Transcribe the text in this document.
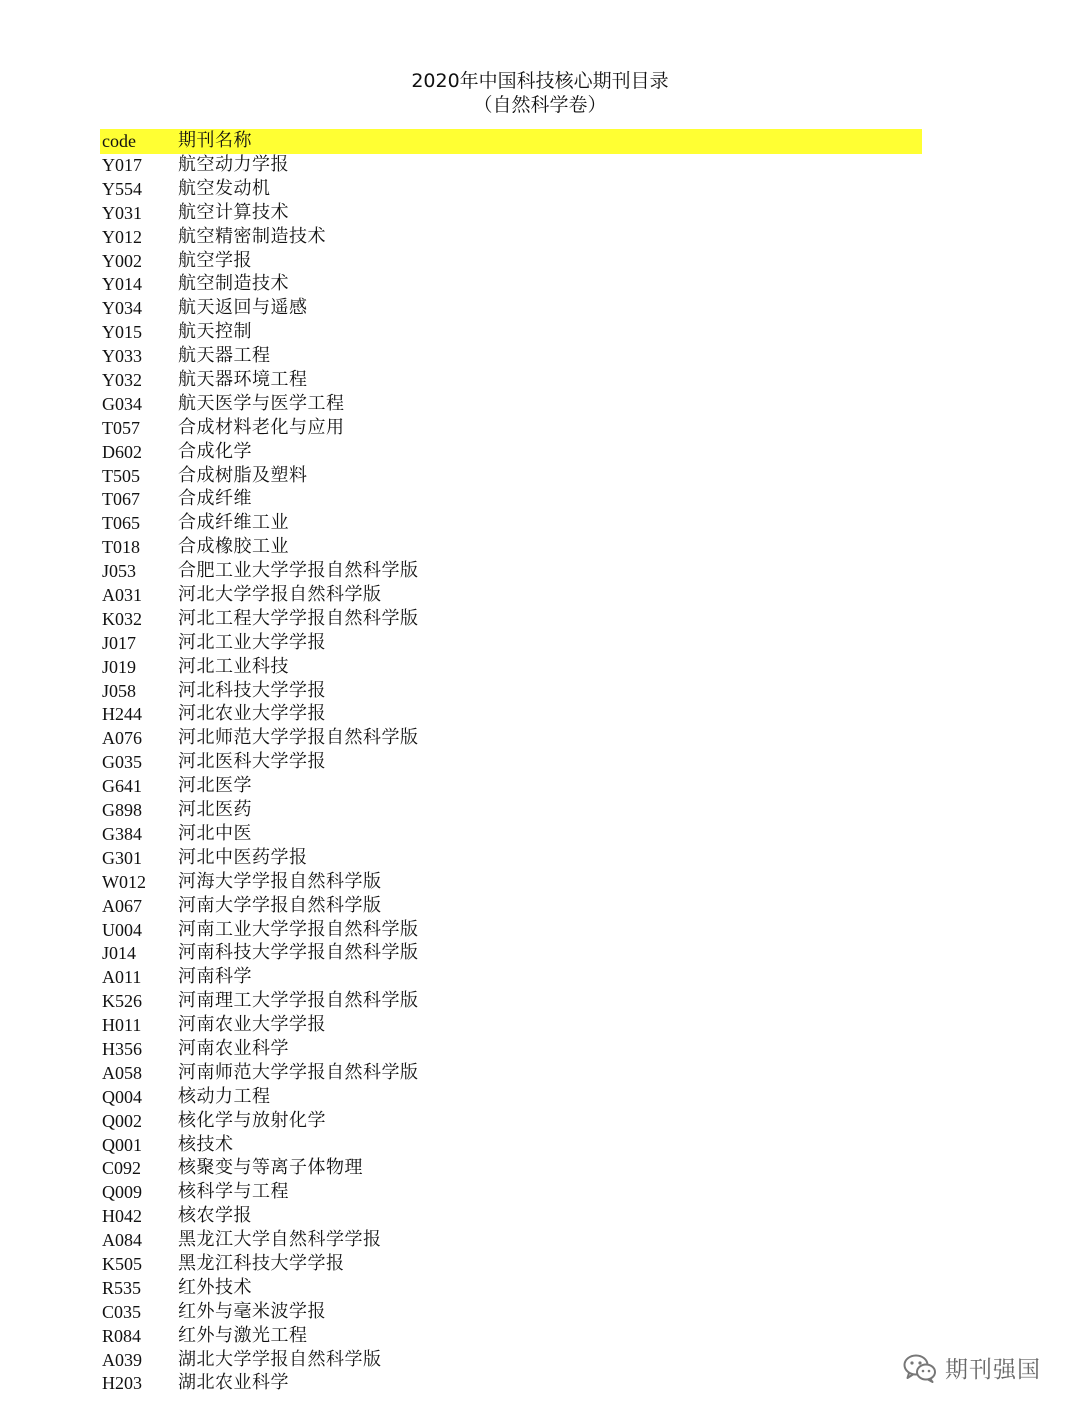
2020年中国科技核心期刊目录
（自然科学卷）
code 期刊名称
Y017 航空动力学报
Y554 航空发动机
Y031 航空计算技术
Y012 航空精密制造技术
Y002 航空学报
Y014 航空制造技术
Y034 航天返回与遥感
Y015 航天控制
Y033 航天器工程
Y032 航天器环境工程
G034 航天医学与医学工程
T057 合成材料老化与应用
D602 合成化学
T505 合成树脂及塑料
T067 合成纤维
T065 合成纤维工业
T018 合成橡胶工业
J053 合肥工业大学学报自然科学版
A031 河北大学学报自然科学版
K032 河北工程大学学报自然科学版
J017 河北工业大学学报
J019 河北工业科技
J058 河北科技大学学报
H244 河北农业大学学报
A076 河北师范大学学报自然科学版
G035 河北医科大学学报
G641 河北医学
G898 河北医药
G384 河北中医
G301 河北中医药学报
W012 河海大学学报自然科学版
A067 河南大学学报自然科学版
U004 河南工业大学学报自然科学版
J014 河南科技大学学报自然科学版
A011 河南科学
K526 河南理工大学学报自然科学版
H011 河南农业大学学报
H356 河南农业科学
A058 河南师范大学学报自然科学版
Q004 核动力工程
Q002 核化学与放射化学
Q001 核技术
C092 核聚变与等离子体物理
Q009 核科学与工程
H042 核农学报
A084 黑龙江大学自然科学学报
K505 黑龙江科技大学学报
R535 红外技术
C035 红外与毫米波学报
R084 红外与激光工程
A039 湖北大学学报自然科学版
H203 湖北农业科学	期刊强国
